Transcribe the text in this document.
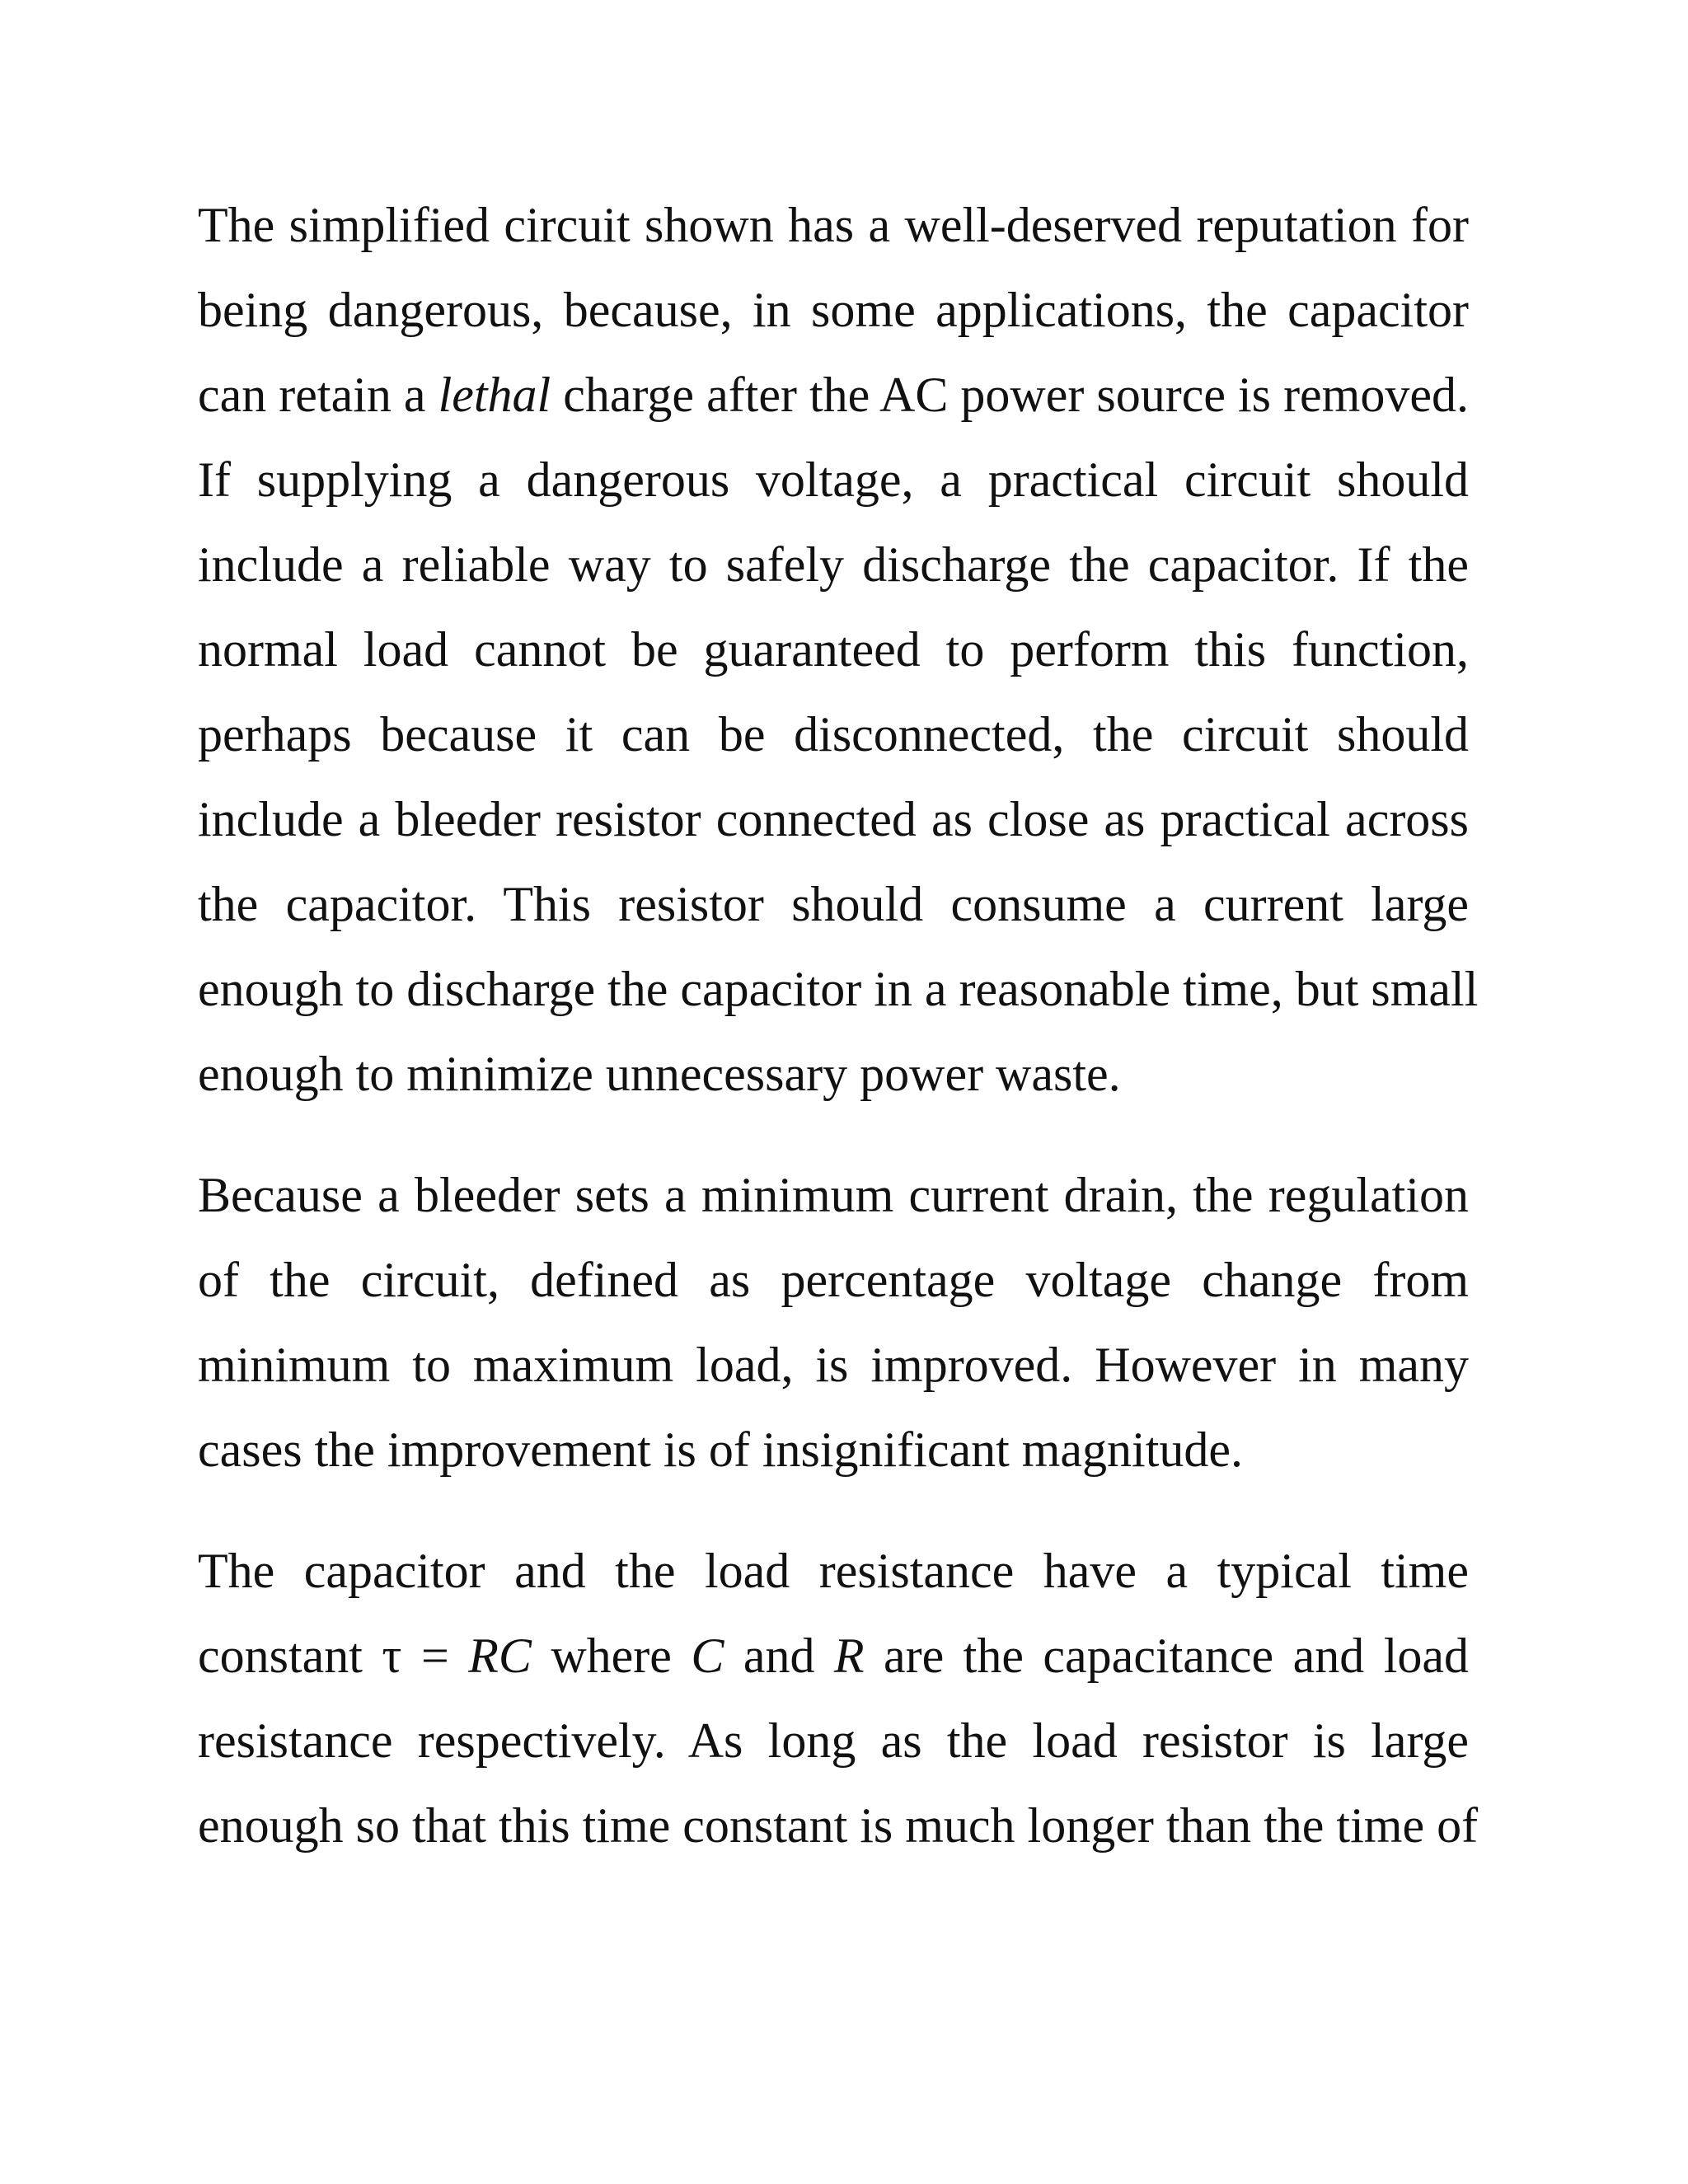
The simplified circuit shown has a well-deserved reputation for
being dangerous, because, in some applications, the capacitor
can retain a lethal charge after the AC power source is removed.
If supplying a dangerous voltage, a practical circuit should
include a reliable way to safely discharge the capacitor. If the
normal load cannot be guaranteed to perform this function,
perhaps because it can be disconnected, the circuit should
include a bleeder resistor connected as close as practical across
the capacitor. This resistor should consume a current large
enough to discharge the capacitor in a reasonable time, but small
enough to minimize unnecessary power waste.

Because a bleeder sets a minimum current drain, the regulation
of the circuit, defined as percentage voltage change from
minimum to maximum load, is improved. However in many
cases the improvement is of insignificant magnitude.

The capacitor and the load resistance have a typical time
constant τ = RC where C and R are the capacitance and load
resistance respectively. As long as the load resistor is large
enough so that this time constant is much longer than the time of
